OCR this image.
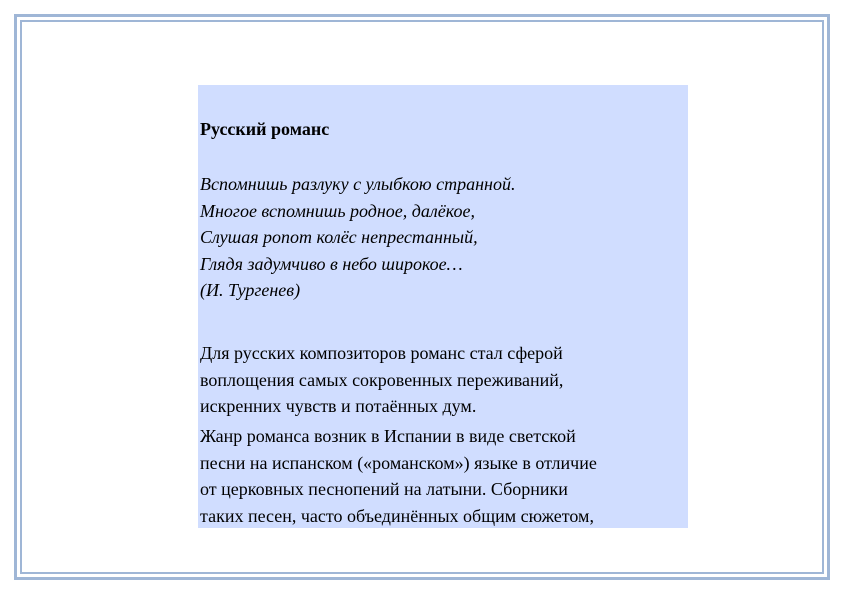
Русский романс
Вспомнишь разлуку с улыбкою странной.
Многое вспомнишь родное, далёкое,
Слушая ропот колёс непрестанный,
Глядя задумчиво в небо широкое…
(И. Тургенев)
Для русских композиторов романс стал сферой
воплощения самых сокровенных переживаний,
искренних чувств и потаённых дум.
Жанр романса возник в Испании в виде светской
песни на испанском («романском») языке в отличие
от церковных песнопений на латыни. Сборники
таких песен, часто объединённых общим сюжетом,
